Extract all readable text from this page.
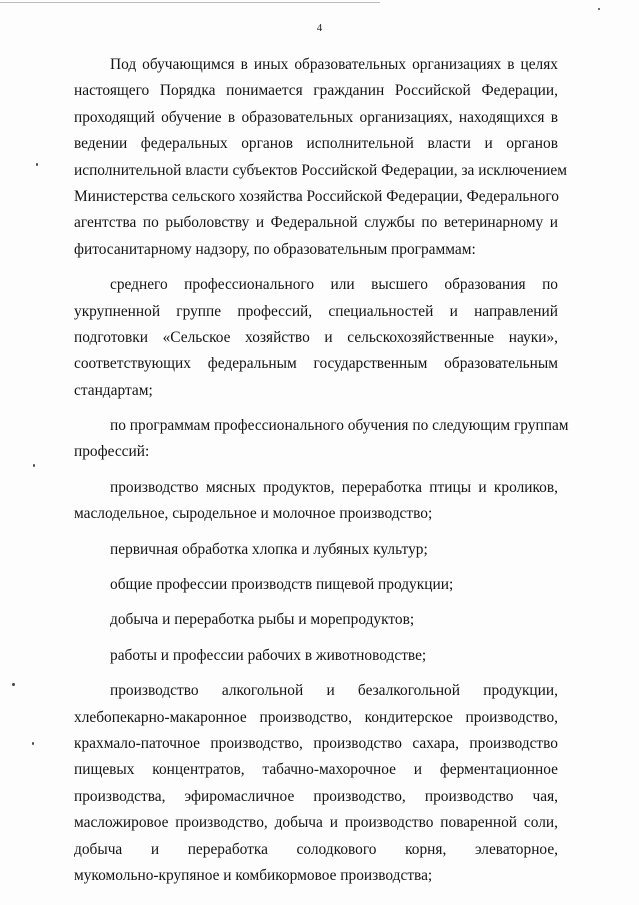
4
Под обучающимся в иных образовательных организациях в целях
настоящего Порядка понимается гражданин Российской Федерации,
проходящий обучение в образовательных организациях, находящихся в
ведении федеральных органов исполнительной власти и органов
исполнительной власти субъектов Российской Федерации, за исключением
Министерства сельского хозяйства Российской Федерации, Федерального
агентства по рыболовству и Федеральной службы по ветеринарному и
фитосанитарному надзору, по образовательным программам:
среднего профессионального или высшего образования по
укрупненной группе профессий, специальностей и направлений
подготовки «Сельское хозяйство и сельскохозяйственные науки»,
соответствующих федеральным государственным образовательным
стандартам;
по программам профессионального обучения по следующим группам
профессий:
производство мясных продуктов, переработка птицы и кроликов,
маслодельное, сыродельное и молочное производство;
первичная обработка хлопка и лубяных культур;
общие профессии производств пищевой продукции;
добыча и переработка рыбы и морепродуктов;
работы и профессии рабочих в животноводстве;
производство алкогольной и безалкогольной продукции,
хлебопекарно-макаронное производство, кондитерское производство,
крахмало-паточное производство, производство сахара, производство
пищевых концентратов, табачно-махорочное и ферментационное
производства, эфиромасличное производство, производство чая,
масложировое производство, добыча и производство поваренной соли,
добыча и переработка солодкового корня, элеваторное,
мукомольно-крупяное и комбикормовое производства;
